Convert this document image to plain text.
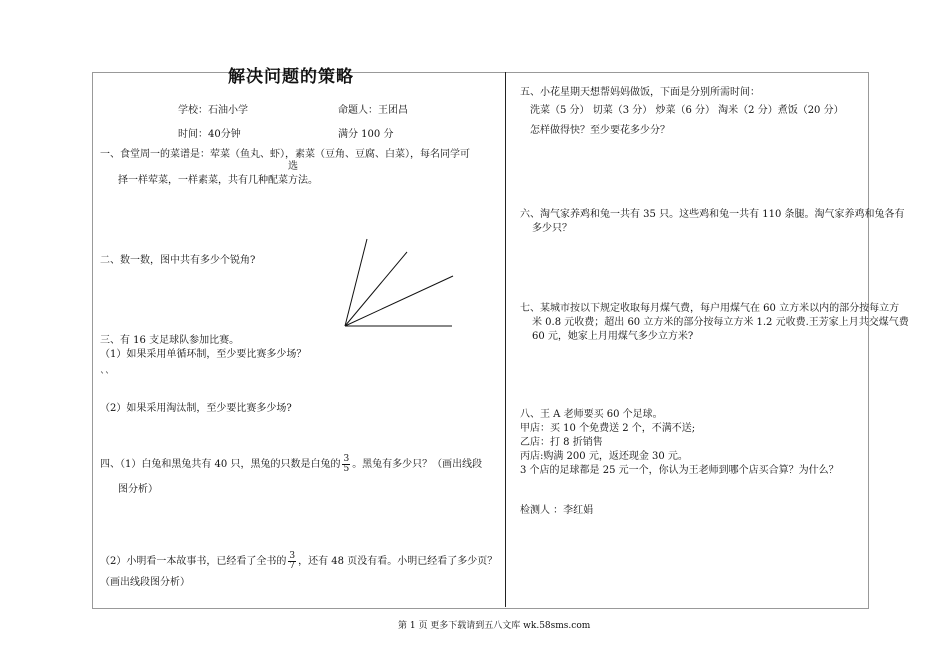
解决问题的策略
学校：石油小学	命题人：王团昌
时间：40分钟	满分 100 分
一、食堂周一的菜谱是：荤菜（鱼丸、虾），素菜（豆角、豆腐、白菜），每名同学可
选
择一样荤菜，一样素菜，共有几种配菜方法。
二、数一数，图中共有多少个锐角?
三、有 16 支足球队参加比赛。
（1）如果采用单循环制，至少要比赛多少场？
``
（2）如果采用淘汰制，至少要比赛多少场?
四、（1）白兔和黑兔共有 40 只，黑兔的只数是白兔的 $\frac{3}{5}$ 。黑兔有多少只？（画出线段
图分析）
（2）小明看一本故事书，已经看了全书的 $\frac{3}{7}$ ，还有 48 页没有看。小明已经看了多少页？
（画出线段图分析）
五、小花星期天想帮妈妈做饭，下面是分别所需时间：
洗菜（5 分） 切菜（3 分） 炒菜（6 分） 淘米（2 分）煮饭（20 分）
怎样做得快？至少要花多少分？
六、淘气家养鸡和兔一共有 35 只。这些鸡和兔一共有 110 条腿。淘气家养鸡和兔各有
多少只？
七、某城市按以下规定收取每月煤气费，每户用煤气在 60 立方米以内的部分按每立方
米 0.8 元收费；超出 60 立方米的部分按每立方米 1.2 元收费.王芳家上月共交煤气费
60 元，她家上月用煤气多少立方米?
八、王 A 老师要买 60 个足球。
甲店：买 10 个免费送 2 个，不满不送;
乙店：打 8 折销售
丙店:购满 200 元，返还现金 30 元。
3 个店的足球都是 25 元一个，你认为王老师到哪个店买合算？为什么？
检测人 ：李红娟
第 1 页 更多下载请到五八文库 wk.58sms.com
